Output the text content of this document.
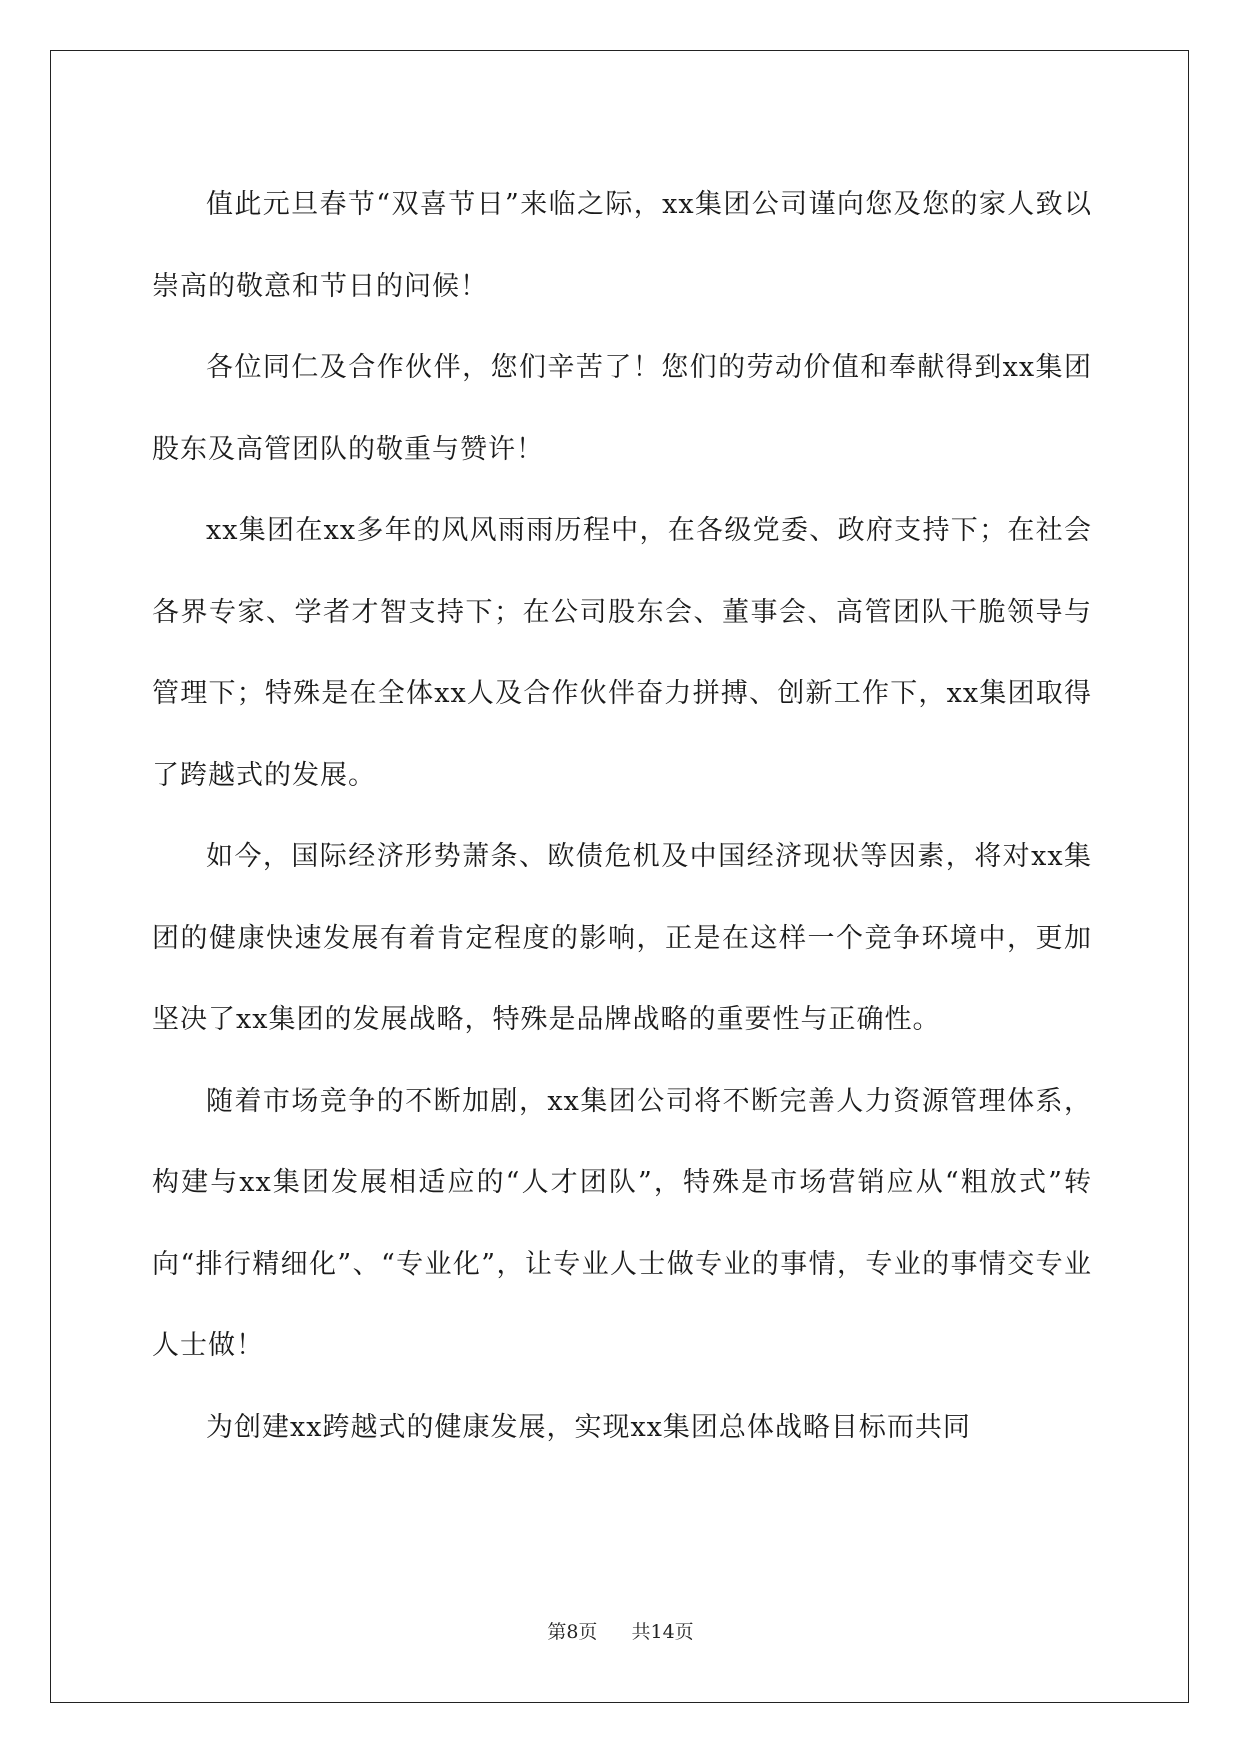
值此元旦春节“双喜节日”来临之际，xx集团公司谨向您及您的家人致以崇高的敬意和节日的问候！

各位同仁及合作伙伴，您们辛苦了！您们的劳动价值和奉献得到xx集团股东及高管团队的敬重与赞许！

xx集团在xx多年的风风雨雨历程中，在各级党委、政府支持下；在社会各界专家、学者才智支持下；在公司股东会、董事会、高管团队干脆领导与管理下；特殊是在全体xx人及合作伙伴奋力拼搏、创新工作下，xx集团取得了跨越式的发展。

如今，国际经济形势萧条、欧债危机及中国经济现状等因素，将对xx集团的健康快速发展有着肯定程度的影响，正是在这样一个竞争环境中，更加坚决了xx集团的发展战略，特殊是品牌战略的重要性与正确性。

随着市场竞争的不断加剧，xx集团公司将不断完善人力资源管理体系，构建与xx集团发展相适应的“人才团队”，特殊是市场营销应从“粗放式”转向“排行精细化”、“专业化”，让专业人士做专业的事情，专业的事情交专业人士做！

为创建xx跨越式的健康发展，实现xx集团总体战略目标而共同

第8页 共14页
